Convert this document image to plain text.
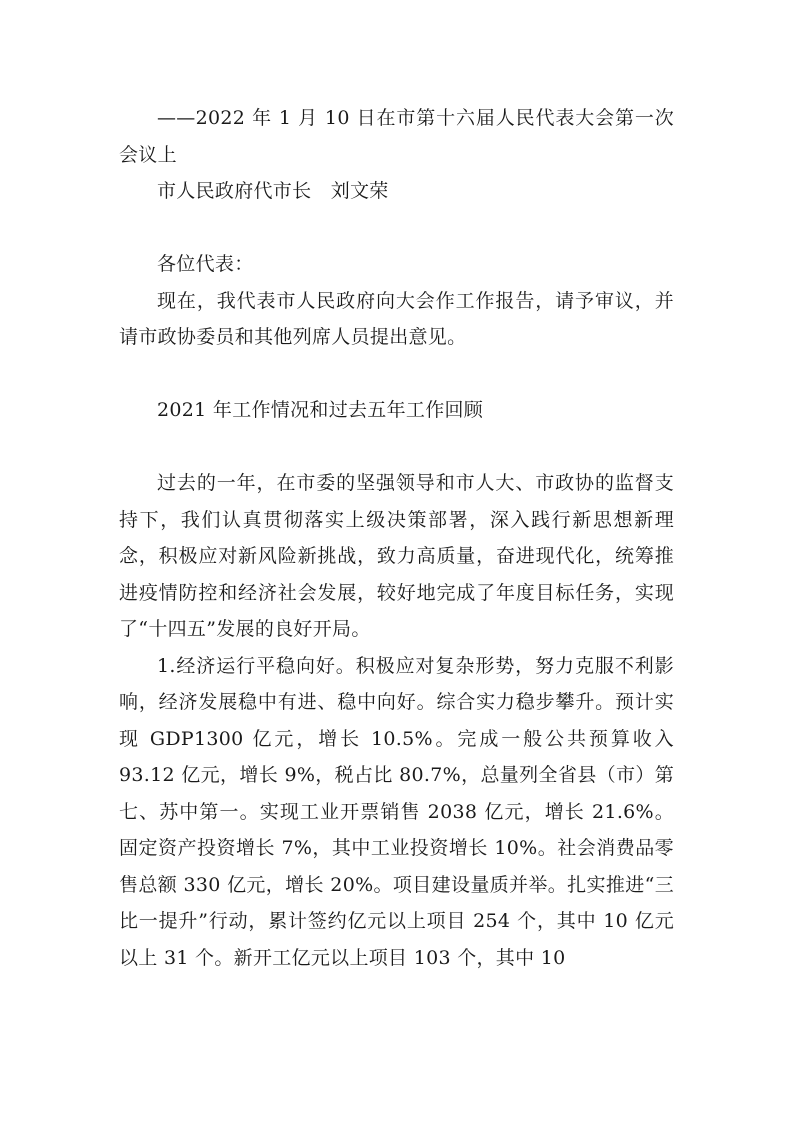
——2022 年 1 月 10 日在市第十六届人民代表大会第一次会议上

市人民政府代市长　刘文荣

各位代表：

现在，我代表市人民政府向大会作工作报告，请予审议，并请市政协委员和其他列席人员提出意见。

2021 年工作情况和过去五年工作回顾

过去的一年，在市委的坚强领导和市人大、市政协的监督支持下，我们认真贯彻落实上级决策部署，深入践行新思想新理念，积极应对新风险新挑战，致力高质量，奋进现代化，统筹推进疫情防控和经济社会发展，较好地完成了年度目标任务，实现了“十四五”发展的良好开局。

1.经济运行平稳向好。积极应对复杂形势，努力克服不利影响，经济发展稳中有进、稳中向好。综合实力稳步攀升。预计实现 GDP1300 亿元，增长 10.5%。完成一般公共预算收入 93.12 亿元，增长 9%，税占比 80.7%，总量列全省县（市）第七、苏中第一。实现工业开票销售 2038 亿元，增长 21.6%。固定资产投资增长 7%，其中工业投资增长 10%。社会消费品零售总额 330 亿元，增长 20%。项目建设量质并举。扎实推进“三比一提升”行动，累计签约亿元以上项目 254 个，其中 10 亿元以上 31 个。新开工亿元以上项目 103 个，其中 10
